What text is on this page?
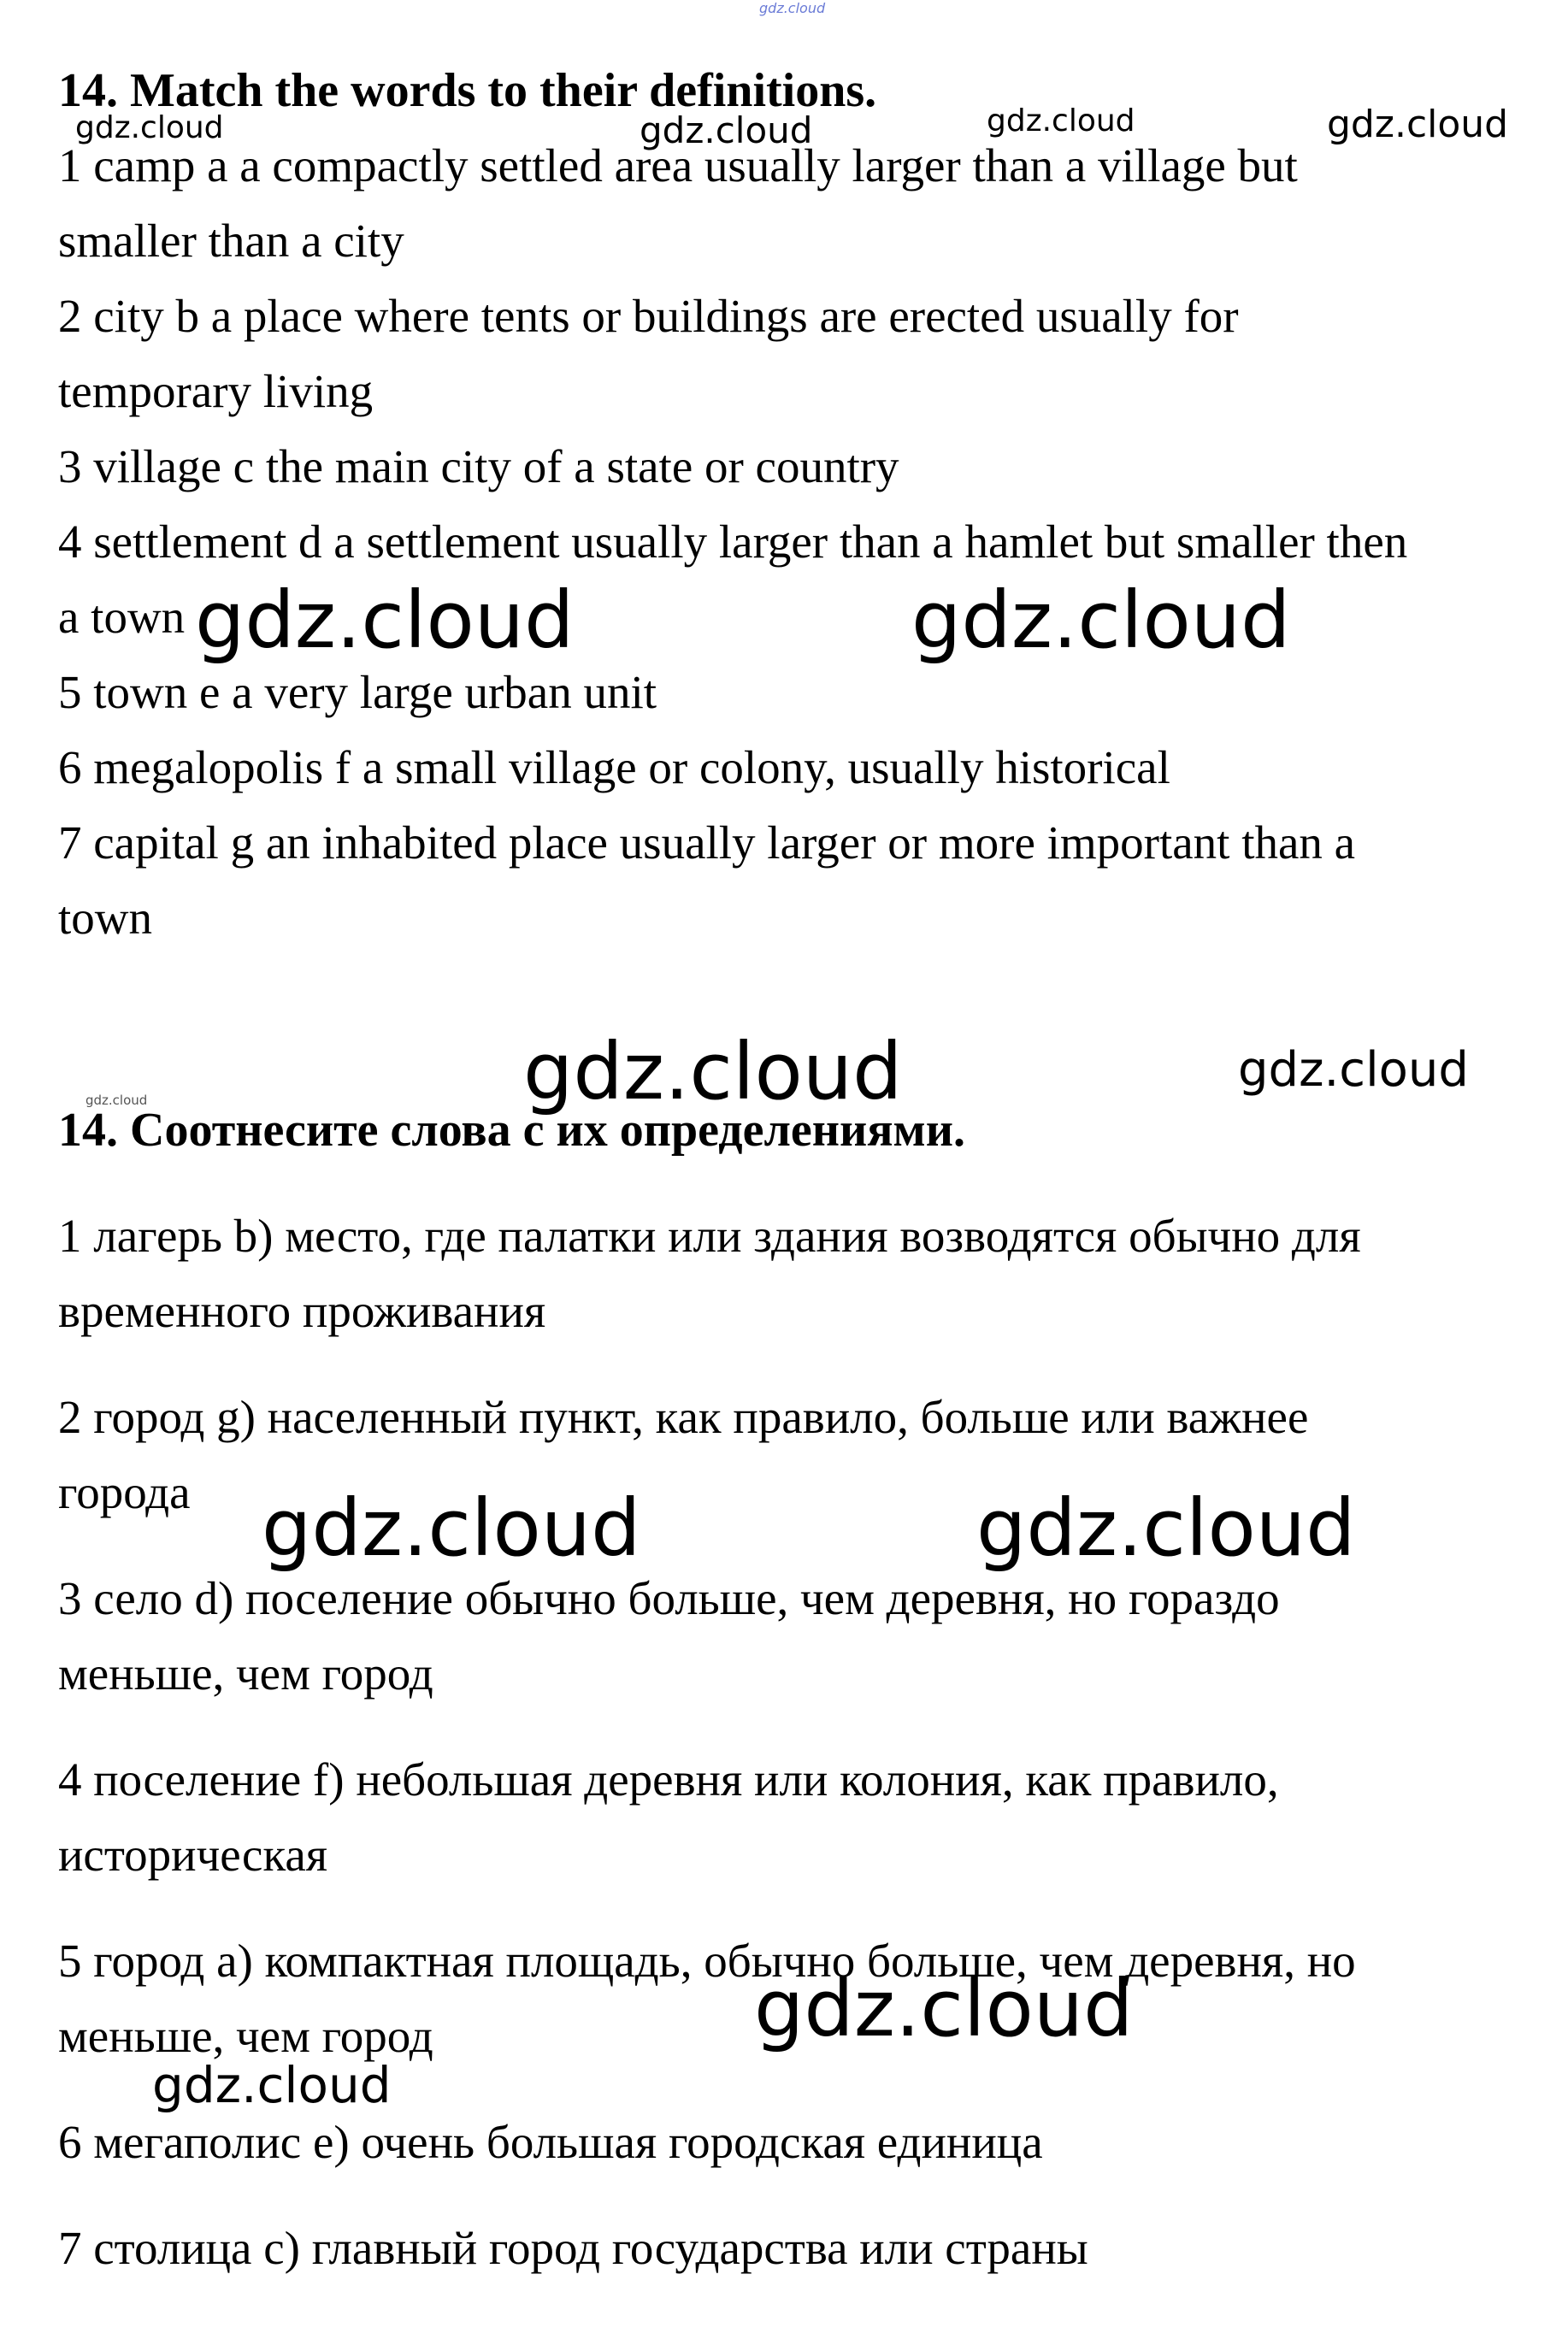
gdz.cloud
14. Match the words to their definitions.
1 camp a a compactly settled area usually larger than a village but
smaller than a city
2 city b a place where tents or buildings are erected usually for
temporary living
3 village c the main city of a state or country
4 settlement d a settlement usually larger than a hamlet but smaller then
a town
5 town e a very large urban unit
6 megalopolis f a small village or colony, usually historical
7 capital g an inhabited place usually larger or more important than a
town
14. Соотнесите слова с их определениями.
1 лагерь b) место, где палатки или здания возводятся обычно для
временного проживания
2 город g) населенный пункт, как правило, больше или важнее
города
3 село d) поселение обычно больше, чем деревня, но гораздо
меньше, чем город
4 поселение f) небольшая деревня или колония, как правило,
историческая
5 город a) компактная площадь, обычно больше, чем деревня, но
меньше, чем город
6 мегаполис e) очень большая городская единица
7 столица c) главный город государства или страны
gdz.cloud	gdz.cloud	gdz.cloud	gdz.cloud
gdz.cloud	gdz.cloud
gdz.cloud	gdz.cloud
gdz.cloud
gdz.cloud	gdz.cloud
gdz.cloud
gdz.cloud
